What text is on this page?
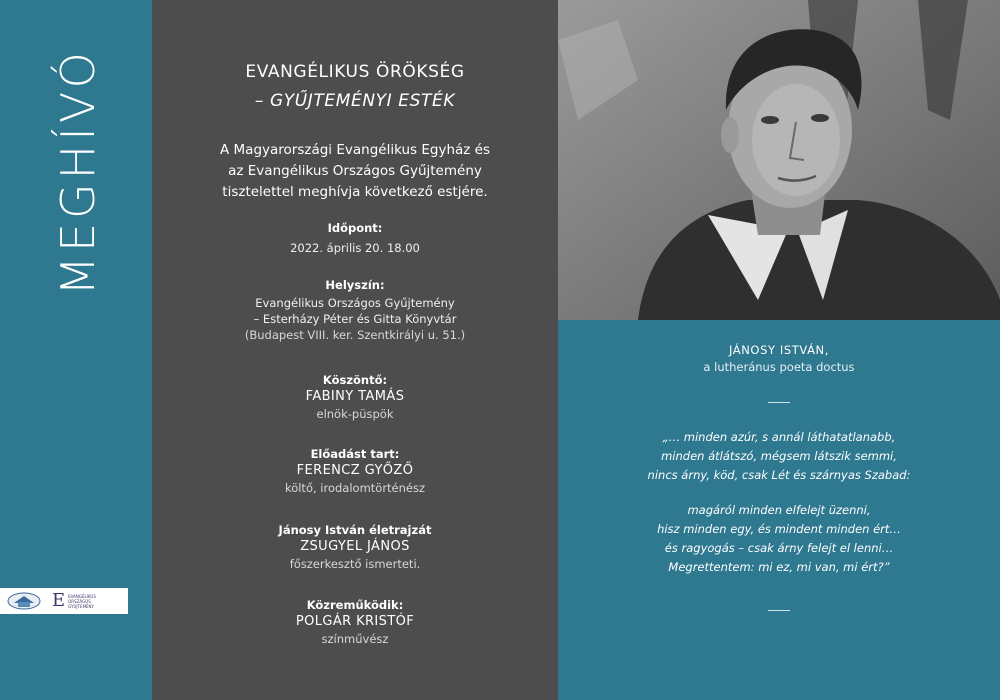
MEGHÍVÓ
E EVANGÉLIKUS ORSZÁGOS GYŰJTEMÉNY
EVANGÉLIKUS ÖRÖKSÉG
– GYŰJTEMÉNYI ESTÉK
A Magyarországi Evangélikus Egyház és
az Evangélikus Országos Gyűjtemény
tisztelettel meghívja következő estjére.
Időpont:
2022. április 20. 18.00
Helyszín:
Evangélikus Országos Gyűjtemény
– Esterházy Péter és Gitta Könyvtár
(Budapest VIII. ker. Szentkirályi u. 51.)
Köszöntő:
FABINY TAMÁS
elnök-püspök
Előadást tart:
FERENCZ GYŐZŐ
költő, irodalomtörténész
Jánosy István életrajzát
ZSUGYEL JÁNOS
főszerkesztő ismerteti.
Közreműködik:
POLGÁR KRISTÓF
színművész
JÁNOSY ISTVÁN,
a lutheránus poeta doctus
„… minden azúr, s annál láthatatlanabb,
minden átlátszó, mégsem látszik semmi,
nincs árny, köd, csak Lét és szárnyas Szabad:
magáról minden elfelejt üzenni,
hisz minden egy, és mindent minden ért…
és ragyogás – csak árny felejt el lenni…
Megrettentem: mi ez, mi van, mi ért?”
